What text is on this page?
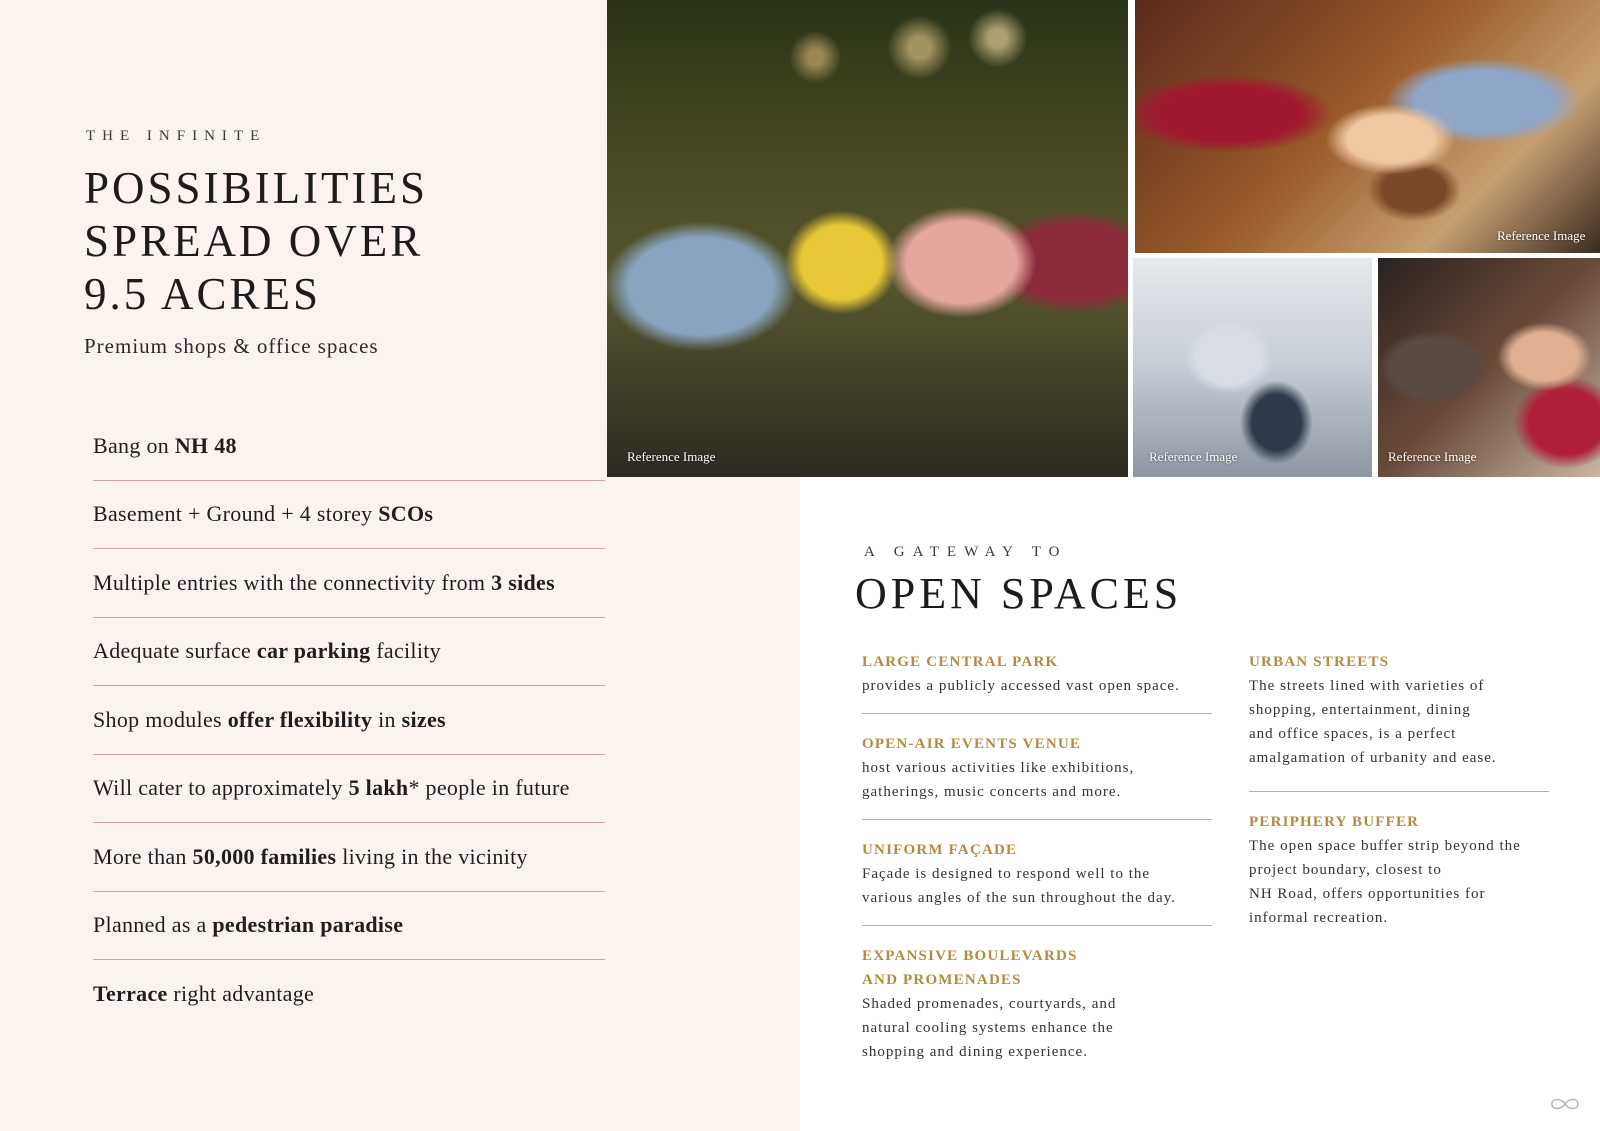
THE INFINITE
POSSIBILITIES
SPREAD OVER
9.5 ACRES
Premium shops & office spaces
Bang on
NH 48
Basement + Ground + 4 storey
SCOs
Multiple entries with the connectivity from
3 sides
Adequate surface
car parking
facility
Shop modules
offer flexibility
in
sizes
Will cater to approximately
5 lakh * people in future
More than
50,000 families
living in the vicinity
Planned as a
pedestrian paradise
Terrace
right advantage
Reference Image
Reference Image
Reference Image	Reference Image
A GATEWAY TO
OPEN SPACES
LARGE CENTRAL PARK
provides a publicly accessed vast open space.
OPEN-AIR EVENTS VENUE
host various activities like exhibitions,
gatherings, music concerts and more.
UNIFORM FAÇADE
Façade is designed to respond well to the
various angles of the sun throughout the day.
EXPANSIVE BOULEVARDS
AND PROMENADES
Shaded promenades, courtyards, and
natural cooling systems enhance the
shopping and dining experience.
URBAN STREETS
The streets lined with varieties of
shopping, entertainment, dining
and office spaces, is a perfect
amalgamation of urbanity and ease.
PERIPHERY BUFFER
The open space buffer strip beyond the
project boundary, closest to
NH Road, offers opportunities for
informal recreation.
